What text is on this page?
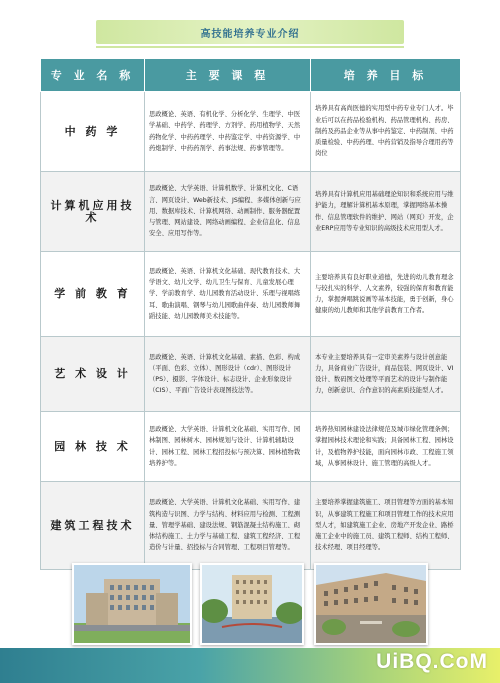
高技能培养专业介绍
专 业 名 称	主 要 课 程	培 养 目 标
中 药 学	思政概论、英语、有机化学、分析化学、生理学、中医学基础、中药学、药理学、方剂学、药用植物学、天然药物化学、中药药理学、中药鉴定学、中药资源学、中药炮制学、中药药剂学、药事法规、药事管理等。	培养具有高尚医德的实用型中药专业专门人才。毕业后可以在药品检验机构、药品管理机构、药房、制药及药品企业等从事中药鉴定、中药制剂、中药质量检验、中药药理、中药营销及指导合理用药等岗位
计算机应用技术	思政概论、大学英语、计算机数学、计算机文化、C语言、网页设计、Web新技术、JS编程、多媒体创新与应用、数据库技术、计算机网络、动画制作、服务器配置与管理、网站建设、网络动画编程、企业信息化、信息安全、应用写作等。	培养具有计算机应用基础理论知识和系统应用与维护能力，理解计算机基本原理，掌握网络基本操作、信息管理软件的维护、网站（网页）开发，企业ERP应用等专业知识的高级技术应用型人才。
学 前 教 育	思政概论、英语、计算机文化基础、现代教育技术、大学语文、幼儿文学、幼儿卫生与保育、儿童发展心理学、学前教育学、幼儿园教育活动设计、乐理与视唱练耳、歌曲演唱、钢琴与幼儿园歌曲伴奏、幼儿园教师舞蹈技能、幼儿园教师美术技能等。	主要培养具有良好职业道德，先进的幼儿教育理念与较扎实的科学、人文素养，较强的保育和教育能力，掌握弹唱跳说画等基本技能，勇于创新，身心健康的幼儿教师和其他学前教育工作者。
艺 术 设 计	思政概论、英语、计算机文化基础、素描、色彩、构成（平面、色彩、立体）、图形设计（cdr）、图形设计（PS）、摄影、字体设计、标志设计、企业形象设计（CIS）、平面广告设计表现图技法等。	本专业主要培养具有一定审美素养与设计创意能力，具备商业广告设计，商品包装、网页设计、VI设计、数码图文处理等平面艺术的设计与制作能力，创新意识、合作意识的高素质技能型人才。
园 林 技 术	思政概论、大学英语、计算机文化基础、实用写作、园林制图、园林树木、园林规划与设计、计算机辅助设计、园林工程、园林工程招投标与预决算、园林植物栽培养护等。	培养热知园林建设法律规范及城市绿化管理条例；掌握园林技术理论和实践；具备园林工程、园林设计，及植物养护技能，面向园林市政、工程施工领域，从事园林设计、施工管理的高级人才。
建筑工程技术	思政概论、大学英语、计算机文化基础、实用写作、建筑构造与识图、力学与结构、材料应用与检测、工程测量、管理学基础、建设法规、钢筋混凝土结构施工、砌体结构施工、土力学与基础工程、建筑工程经济、工程造价与计量、招投标与合同管理、工程项目管理等。	主要培养掌握建筑施工、项目管理等方面的基本知识，从事建筑工程施工和项目管理工作的技术应用型人才，如建筑施工企业、房地产开发企业、路桥施工企业中的施工员、建筑工程师、结构工程师、技术经理、项目经理等。
UiBQ.CoM
